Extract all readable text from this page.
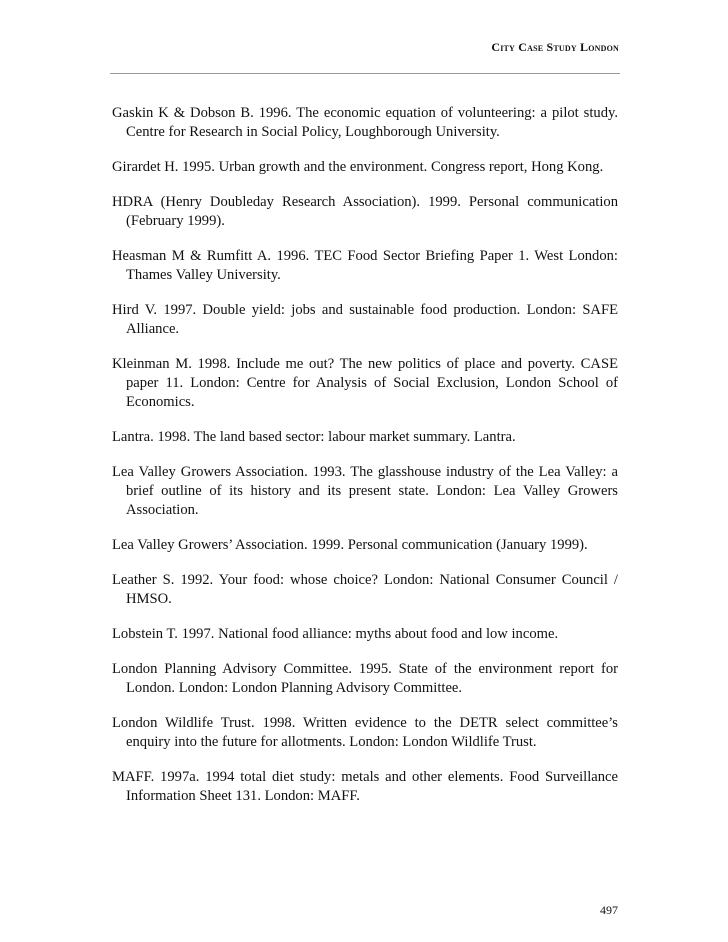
City Case Study London
Gaskin K & Dobson B. 1996. The economic equation of volunteering: a pilot study. Centre for Research in Social Policy, Loughborough University.
Girardet H. 1995. Urban growth and the environment. Congress report, Hong Kong.
HDRA (Henry Doubleday Research Association). 1999. Personal communication (February 1999).
Heasman M & Rumfitt A. 1996. TEC Food Sector Briefing Paper 1. West London: Thames Valley University.
Hird V. 1997. Double yield: jobs and sustainable food production. London: SAFE Alliance.
Kleinman M. 1998. Include me out? The new politics of place and poverty. CASE paper 11. London: Centre for Analysis of Social Exclusion, London School of Economics.
Lantra. 1998. The land based sector: labour market summary. Lantra.
Lea Valley Growers Association. 1993. The glasshouse industry of the Lea Valley: a brief outline of its history and its present state. London: Lea Valley Growers Association.
Lea Valley Growers’ Association. 1999. Personal communication (January 1999).
Leather S. 1992. Your food: whose choice? London: National Consumer Council / HMSO.
Lobstein T. 1997. National food alliance: myths about food and low income.
London Planning Advisory Committee. 1995. State of the environment report for London. London: London Planning Advisory Committee.
London Wildlife Trust. 1998. Written evidence to the DETR select committee’s enquiry into the future for allotments. London: London Wildlife Trust.
MAFF. 1997a. 1994 total diet study: metals and other elements. Food Surveillance Information Sheet 131. London: MAFF.
497
